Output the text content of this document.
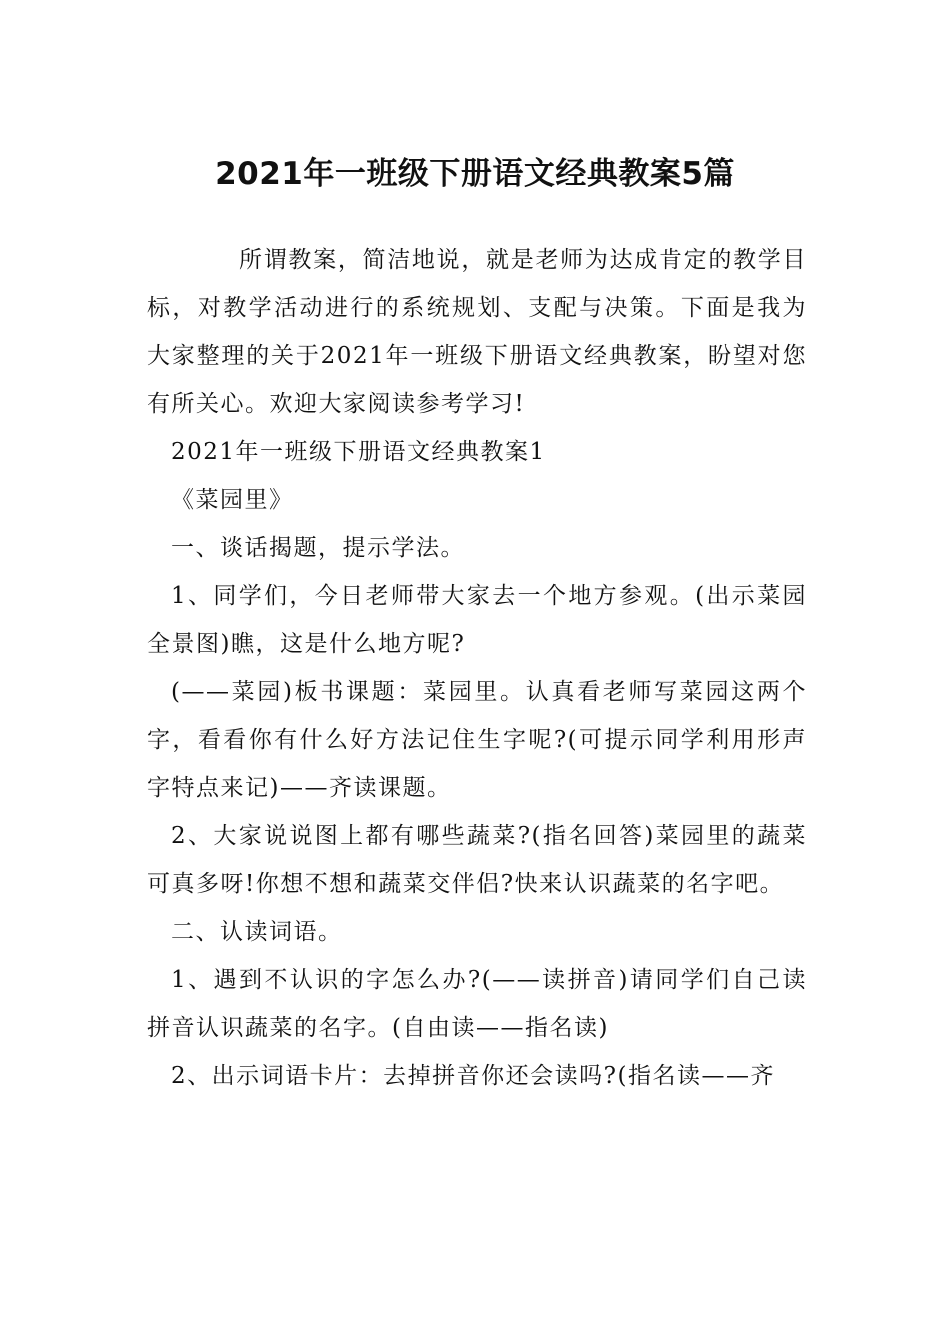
2021年一班级下册语文经典教案5篇

所谓教案，简洁地说，就是老师为达成肯定的教学目标，对教学活动进行的系统规划、支配与决策。下面是我为大家整理的关于2021年一班级下册语文经典教案，盼望对您有所关心。欢迎大家阅读参考学习!

2021年一班级下册语文经典教案1

《菜园里》

一、谈话揭题，提示学法。

1、同学们，今日老师带大家去一个地方参观。(出示菜园全景图)瞧，这是什么地方呢?

(——菜园)板书课题：菜园里。认真看老师写菜园这两个字，看看你有什么好方法记住生字呢?(可提示同学利用形声字特点来记)——齐读课题。

2、大家说说图上都有哪些蔬菜?(指名回答)菜园里的蔬菜可真多呀!你想不想和蔬菜交伴侣?快来认识蔬菜的名字吧。

二、认读词语。

1、遇到不认识的字怎么办?(——读拼音)请同学们自己读拼音认识蔬菜的名字。(自由读——指名读)

2、出示词语卡片：去掉拼音你还会读吗?(指名读——齐
